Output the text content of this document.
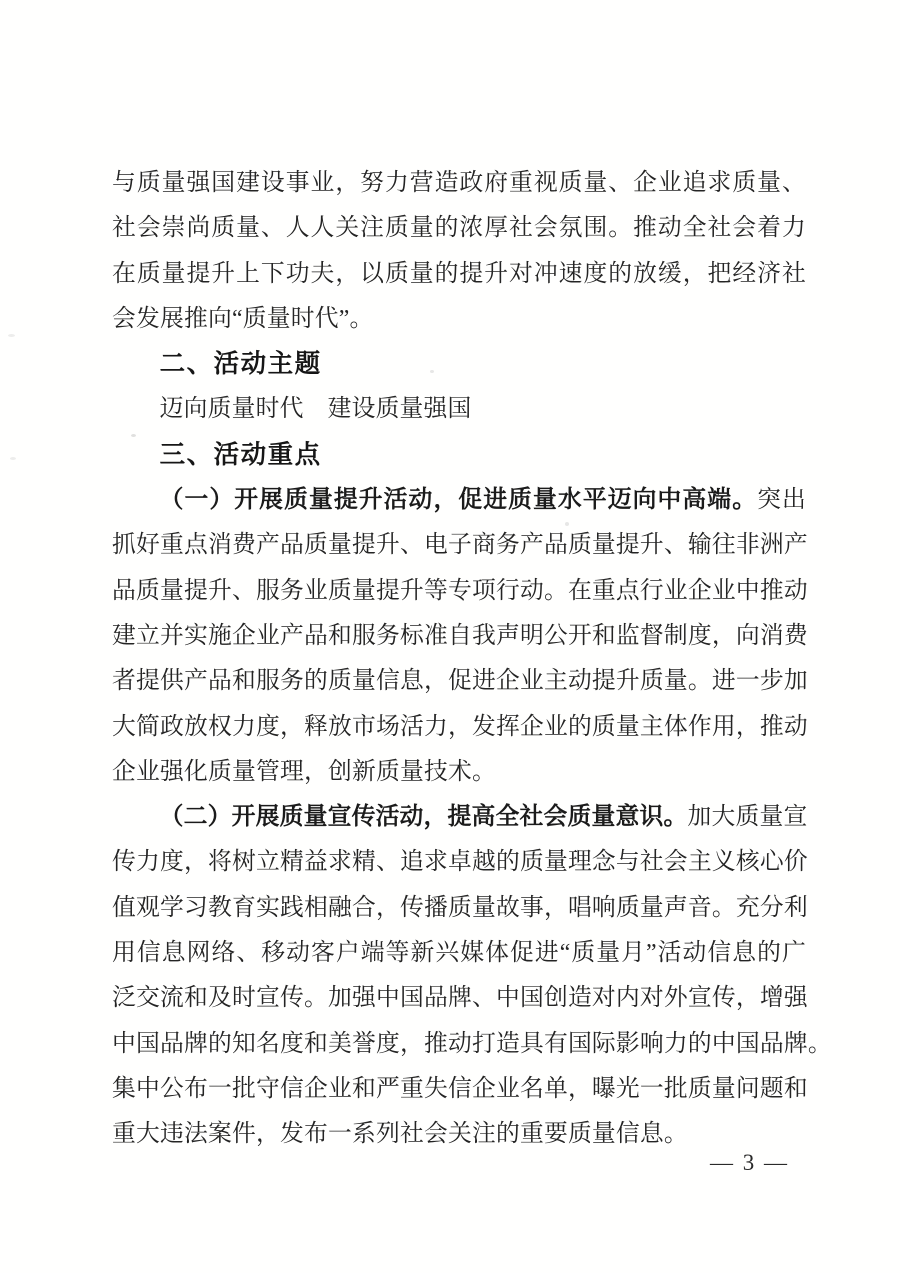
与质量强国建设事业，努力营造政府重视质量、企业追求质量、
社会崇尚质量、人人关注质量的浓厚社会氛围。推动全社会着力
在质量提升上下功夫，以质量的提升对冲速度的放缓，把经济社
会发展推向“质量时代”。
二、活动主题
迈向质量时代　建设质量强国
三、活动重点
（一）开展质量提升活动，促进质量水平迈向中高端。突出
抓好重点消费产品质量提升、电子商务产品质量提升、输往非洲产
品质量提升、服务业质量提升等专项行动。在重点行业企业中推动
建立并实施企业产品和服务标准自我声明公开和监督制度，向消费
者提供产品和服务的质量信息，促进企业主动提升质量。进一步加
大简政放权力度，释放市场活力，发挥企业的质量主体作用，推动
企业强化质量管理，创新质量技术。
（二）开展质量宣传活动，提高全社会质量意识。加大质量宣
传力度，将树立精益求精、追求卓越的质量理念与社会主义核心价
值观学习教育实践相融合，传播质量故事，唱响质量声音。充分利
用信息网络、移动客户端等新兴媒体促进“质量月”活动信息的广
泛交流和及时宣传。加强中国品牌、中国创造对内对外宣传，增强
中国品牌的知名度和美誉度，推动打造具有国际影响力的中国品牌。
集中公布一批守信企业和严重失信企业名单，曝光一批质量问题和
重大违法案件，发布一系列社会关注的重要质量信息。
— 3 —
